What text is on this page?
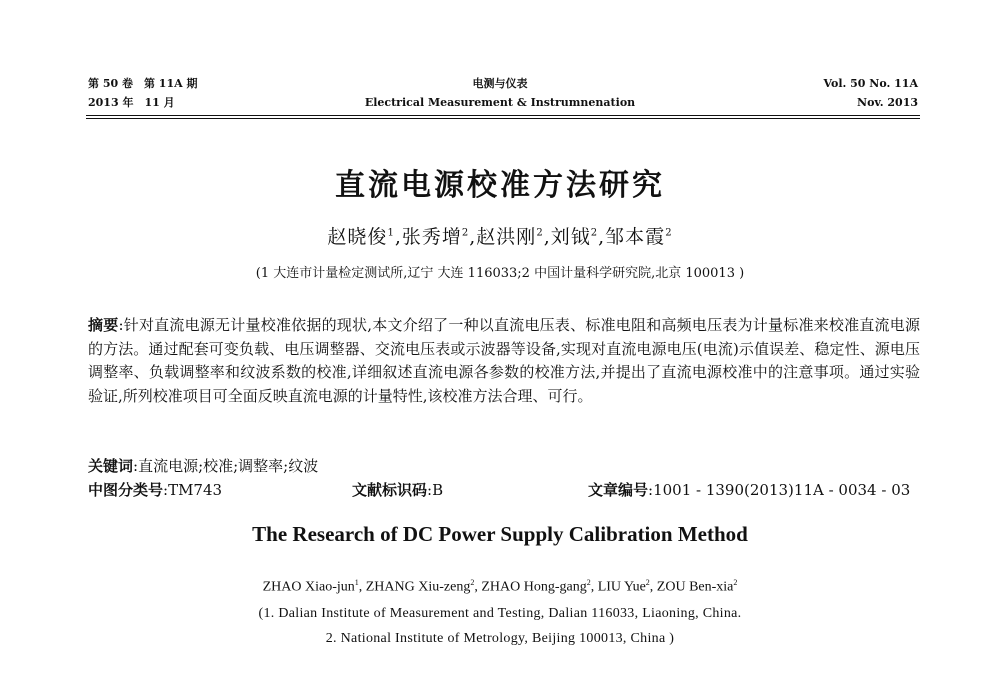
第 50 卷　第 11A 期
2013 年　11 月
电测与仪表
Electrical Measurement & Instrumnenation
Vol. 50 No. 11A
Nov. 2013
直流电源校准方法研究
赵晓俊$^1$,张秀增$^2$,赵洪刚$^2$,刘钺$^2$,邹本霞$^2$
(1 大连市计量检定测试所,辽宁 大连 116033;2 中国计量科学研究院,北京 100013 )
摘要:针对直流电源无计量校准依据的现状,本文介绍了一种以直流电压表、标准电阻和高频电压表为计量标准来校准直流电源的方法。通过配套可变负载、电压调整器、交流电压表或示波器等设备,实现对直流电源电压(电流)示值误差、稳定性、源电压调整率、负载调整率和纹波系数的校准,详细叙述直流电源各参数的校准方法,并提出了直流电源校准中的注意事项。通过实验验证,所列校准项目可全面反映直流电源的计量特性,该校准方法合理、可行。
关键词:直流电源;校准;调整率;纹波
中图分类号:TM743	文献标识码:B	文章编号:1001 - 1390(2013)11A - 0034 - 03
The Research of DC Power Supply Calibration Method
ZHAO Xiao-jun$^1$, ZHANG Xiu-zeng$^2$, ZHAO Hong-gang$^2$, LIU Yue$^2$, ZOU Ben-xia$^2$
(1. Dalian Institute of Measurement and Testing, Dalian 116033, Liaoning, China.
2. National Institute of Metrology, Beijing 100013, China )
